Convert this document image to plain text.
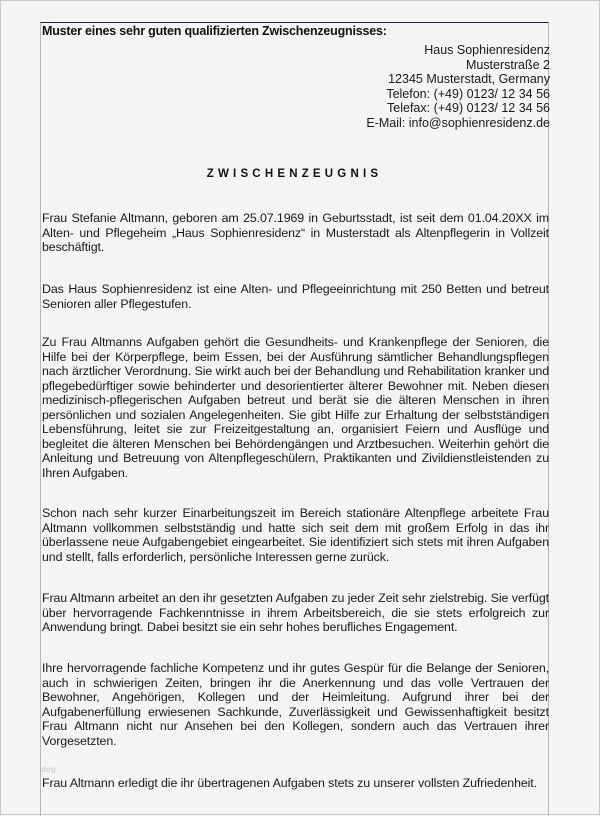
Muster eines sehr guten qualifizierten Zwischenzeugnisses:
Haus Sophienresidenz
Musterstraße 2
12345 Musterstadt, Germany
Telefon: (+49) 0123/ 12 34 56
Telefax: (+49) 0123/ 12 34 56
E-Mail: info@sophienresidenz.de
ZWISCHENZEUGNIS
Frau Stefanie Altmann, geboren am 25.07.1969 in Geburtsstadt, ist seit dem 01.04.20XX im Alten- und Pflegeheim „Haus Sophienresidenz“ in Musterstadt als Altenpflegerin in Vollzeit beschäftigt.
Das Haus Sophienresidenz ist eine Alten- und Pflegeeinrichtung mit 250 Betten und betreut Senioren aller Pflegestufen.
Zu Frau Altmanns Aufgaben gehört die Gesundheits- und Krankenpflege der Senioren, die Hilfe bei der Körperpflege, beim Essen, bei der Ausführung sämtlicher Behandlungspflegen nach ärztlicher Verordnung. Sie wirkt auch bei der Behandlung und Rehabilitation kranker und pflegebedürftiger sowie behinderter und desorientierter älterer Bewohner mit. Neben diesen medizinisch-pflegerischen Aufgaben betreut und berät sie die älteren Menschen in ihren persönlichen und sozialen Angelegenheiten. Sie gibt Hilfe zur Erhaltung der selbstständigen Lebensführung, leitet sie zur Freizeitgestaltung an, organisiert Feiern und Ausflüge und begleitet die älteren Menschen bei Behördengängen und Arztbesuchen. Weiterhin gehört die Anleitung und Betreuung von Altenpflegeschülern, Praktikanten und Zivildienstleistenden zu Ihren Aufgaben.
Schon nach sehr kurzer Einarbeitungszeit im Bereich stationäre Altenpflege arbeitete Frau Altmann vollkommen selbstständig und hatte sich seit dem mit großem Erfolg in das ihr überlassene neue Aufgabengebiet eingearbeitet. Sie identifiziert sich stets mit ihren Aufgaben und stellt, falls erforderlich, persönliche Interessen gerne zurück.
Frau Altmann arbeitet an den ihr gesetzten Aufgaben zu jeder Zeit sehr zielstrebig. Sie verfügt über hervorragende Fachkenntnisse in ihrem Arbeitsbereich, die sie stets erfolgreich zur Anwendung bringt. Dabei besitzt sie ein sehr hohes berufliches Engagement.
Ihre hervorragende fachliche Kompetenz und ihr gutes Gespür für die Belange der Senioren, auch in schwierigen Zeiten, bringen ihr die Anerkennung und das volle Vertrauen der Bewohner, Angehörigen, Kollegen und der Heimleitung. Aufgrund ihrer bei der Aufgabenerfüllung erwiesenen Sachkunde, Zuverlässigkeit und Gewissenhaftigkeit besitzt Frau Altmann nicht nur Ansehen bei den Kollegen, sondern auch das Vertrauen ihrer Vorgesetzten.
dog
Frau Altmann erledigt die ihr übertragenen Aufgaben stets zu unserer vollsten Zufriedenheit.
